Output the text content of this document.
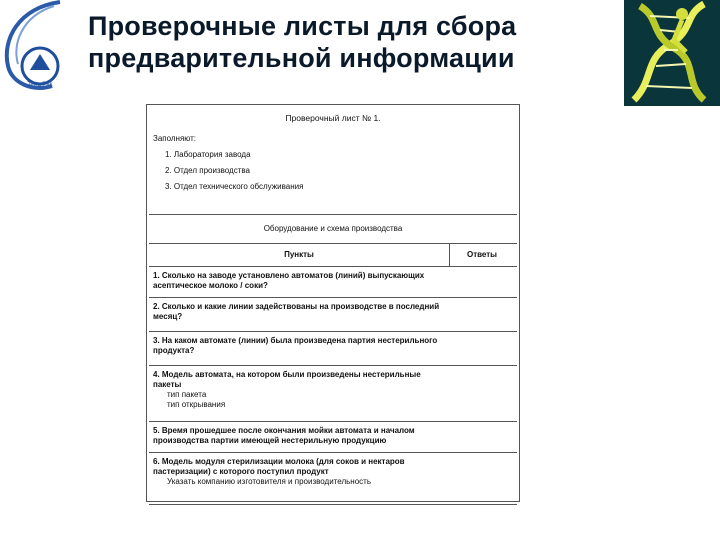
Tetra Pak
Проверочные листы для сбора
предварительной информации
Проверочный лист № 1.
Заполняют:
1. Лаборатория завода
2. Отдел производства
3. Отдел технического обслуживания
Оборудование и схема производства
Пункты	Ответы
1. Сколько на заводе установлено автоматов (линий) выпускающих асептическое молоко / соки?
2. Сколько и какие линии задействованы на производстве в последний месяц?
3. На каком автомате (линии) была произведена партия нестерильного продукта?
4. Модель автомата, на котором были произведены нестерильные пакеты
тип пакета
тип открывания
5. Время прошедшее после окончания мойки автомата и началом производства партии имеющей нестерильную продукцию
6. Модель модуля стерилизации молока (для соков и нектаров пастеризации) с которого поступил продукт
Указать компанию изготовителя и производительность
